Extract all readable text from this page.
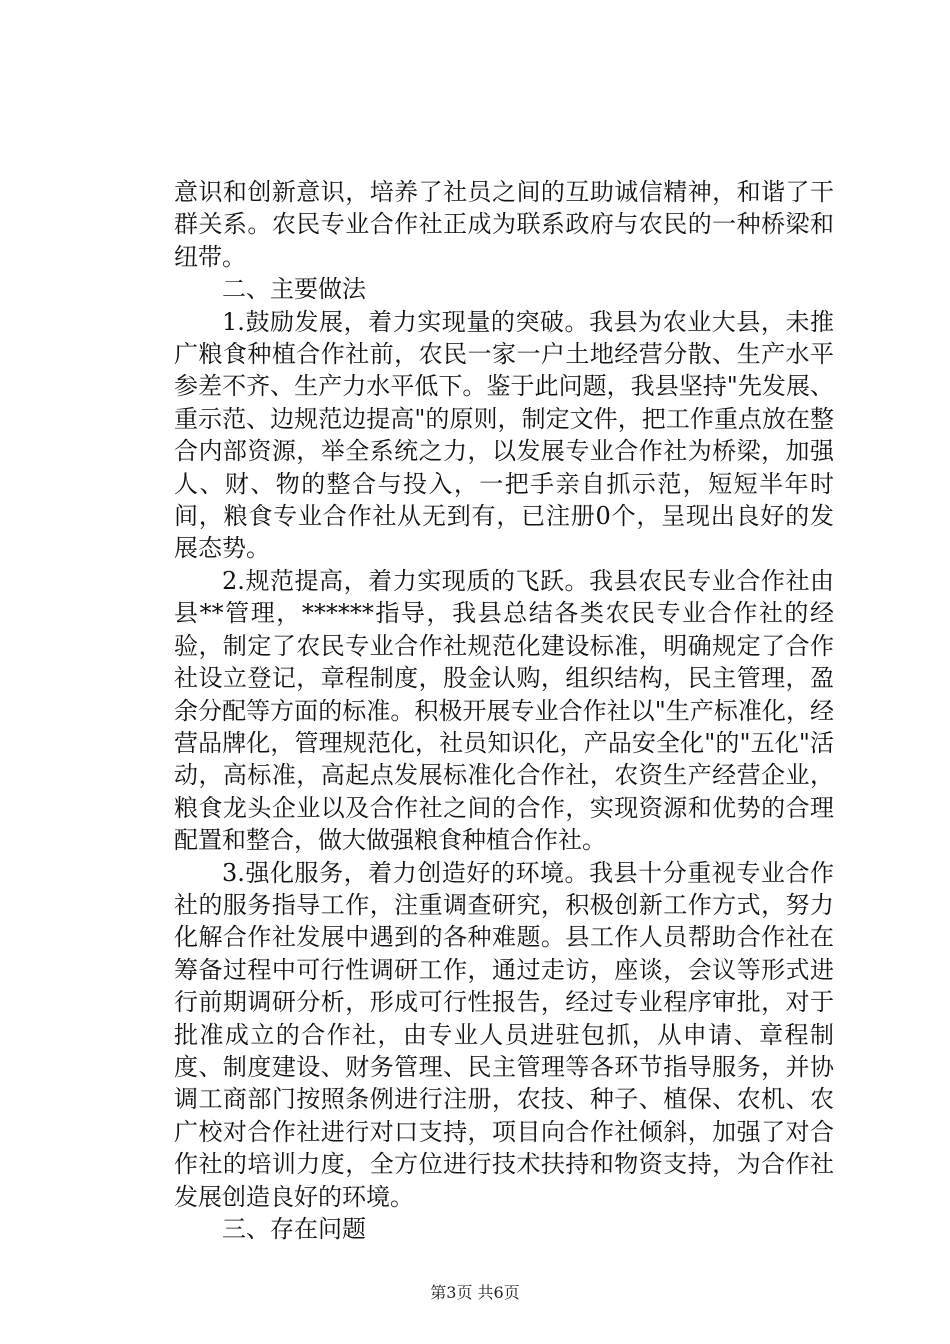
意识和创新意识，培养了社员之间的互助诚信精神，和谐了干群关系。农民专业合作社正成为联系政府与农民的一种桥梁和纽带。

二、主要做法

1.鼓励发展，着力实现量的突破。我县为农业大县，未推广粮食种植合作社前，农民一家一户土地经营分散、生产水平参差不齐、生产力水平低下。鉴于此问题，我县坚持"先发展、重示范、边规范边提高"的原则，制定文件，把工作重点放在整合内部资源，举全系统之力，以发展专业合作社为桥梁，加强人、财、物的整合与投入，一把手亲自抓示范，短短半年时间，粮食专业合作社从无到有，已注册0个，呈现出良好的发展态势。

2.规范提高，着力实现质的飞跃。我县农民专业合作社由县**管理，******指导，我县总结各类农民专业合作社的经验，制定了农民专业合作社规范化建设标准，明确规定了合作社设立登记，章程制度，股金认购，组织结构，民主管理，盈余分配等方面的标准。积极开展专业合作社以"生产标准化，经营品牌化，管理规范化，社员知识化，产品安全化"的"五化"活动，高标准，高起点发展标准化合作社，农资生产经营企业，粮食龙头企业以及合作社之间的合作，实现资源和优势的合理配置和整合，做大做强粮食种植合作社。

3.强化服务，着力创造好的环境。我县十分重视专业合作社的服务指导工作，注重调查研究，积极创新工作方式，努力化解合作社发展中遇到的各种难题。县工作人员帮助合作社在筹备过程中可行性调研工作，通过走访，座谈，会议等形式进行前期调研分析，形成可行性报告，经过专业程序审批，对于批准成立的合作社，由专业人员进驻包抓，从申请、章程制度、制度建设、财务管理、民主管理等各环节指导服务，并协调工商部门按照条例进行注册，农技、种子、植保、农机、农广校对合作社进行对口支持，项目向合作社倾斜，加强了对合作社的培训力度，全方位进行技术扶持和物资支持，为合作社发展创造良好的环境。

三、存在问题

第3页 共6页
